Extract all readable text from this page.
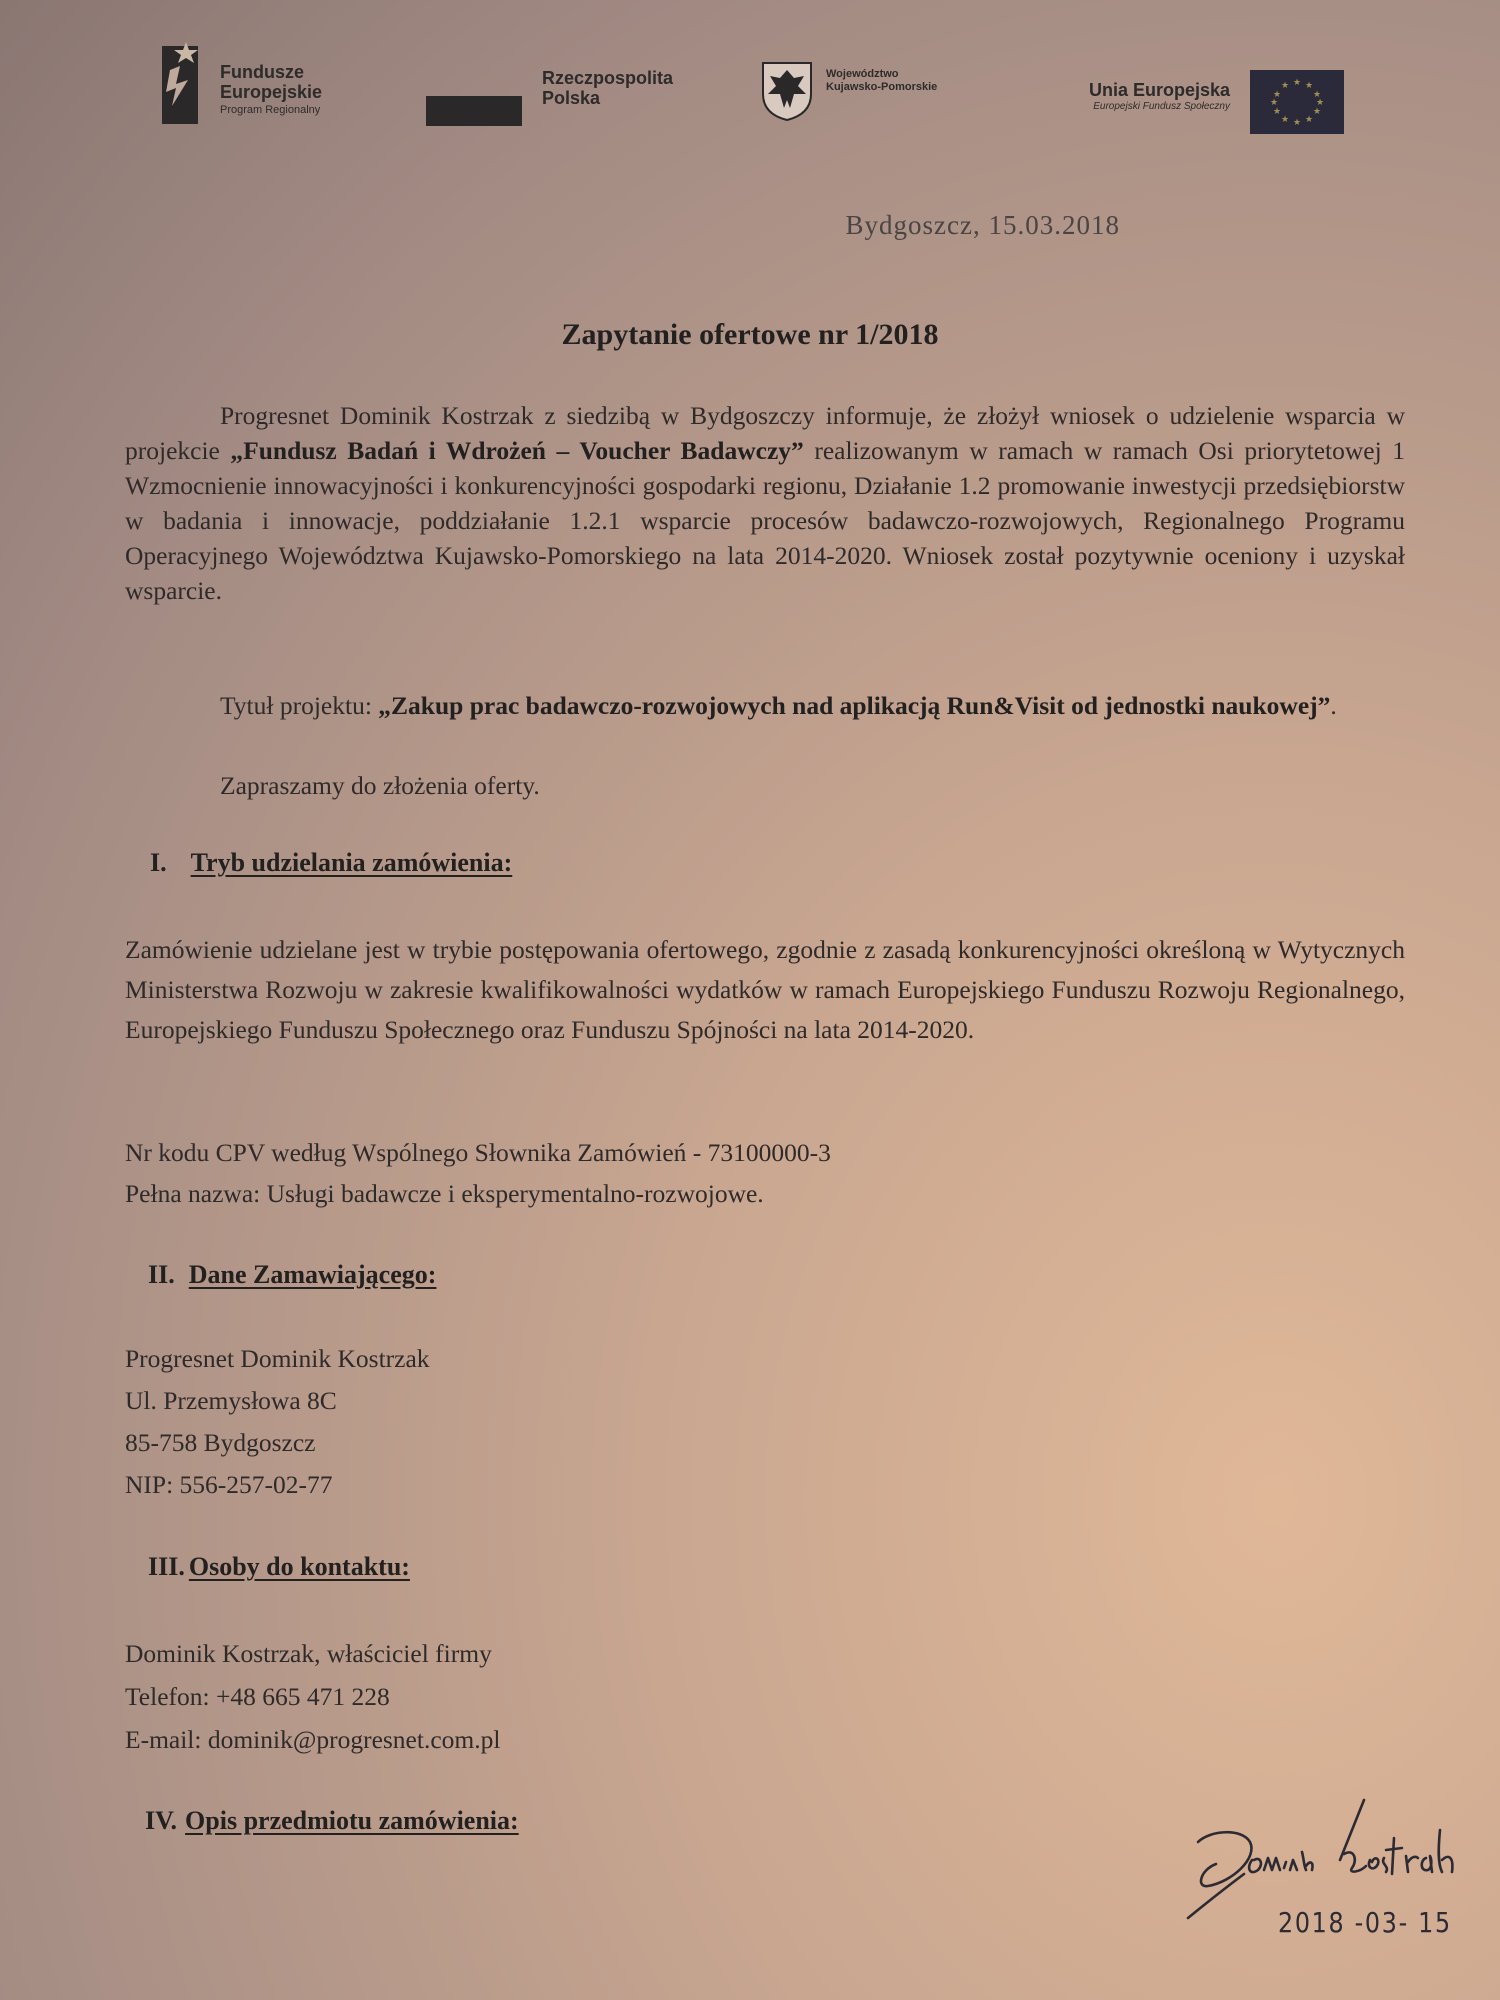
Fundusze
Europejskie
Program Regionalny
Rzeczpospolita
Polska
Województwo
Kujawsko-Pomorskie	Unia Europejska
Europejski Fundusz Społeczny
★ ★
★
★
★
★
★
★
★
★
★
★
Bydgoszcz, 15.03.2018
Zapytanie ofertowe nr 1/2018
Progresnet Dominik Kostrzak z siedzibą w Bydgoszczy informuje, że złożył wniosek o udzielenie wsparcia w projekcie „Fundusz Badań i Wdrożeń – Voucher Badawczy” realizowanym w ramach w ramach Osi priorytetowej 1 Wzmocnienie innowacyjności i konkurencyjności gospodarki regionu, Działanie 1.2 promowanie inwestycji przedsiębiorstw w badania i innowacje, poddziałanie 1.2.1 wsparcie procesów badawczo-rozwojowych, Regionalnego Programu Operacyjnego Województwa Kujawsko-Pomorskiego na lata 2014-2020. Wniosek został pozytywnie oceniony i uzyskał wsparcie.
Tytuł projektu: „Zakup prac badawczo-rozwojowych nad aplikacją Run&Visit od jednostki naukowej”.
Zapraszamy do złożenia oferty.
I. Tryb udzielania zamówienia:
Zamówienie udzielane jest w trybie postępowania ofertowego, zgodnie z zasadą konkurencyjności określoną w Wytycznych Ministerstwa Rozwoju w zakresie kwalifikowalności wydatków w ramach Europejskiego Funduszu Rozwoju Regionalnego, Europejskiego Funduszu Społecznego oraz Funduszu Spójności na lata 2014-2020.
Nr kodu CPV według Wspólnego Słownika Zamówień - 73100000-3
Pełna nazwa: Usługi badawcze i eksperymentalno-rozwojowe.
II. Dane Zamawiającego:
Progresnet Dominik Kostrzak
Ul. Przemysłowa 8C
85-758 Bydgoszcz
NIP: 556-257-02-77
III. Osoby do kontaktu:
Dominik Kostrzak, właściciel firmy
Telefon: +48 665 471 228
E-mail: dominik@progresnet.com.pl
IV. Opis przedmiotu zamówienia:
2018 -03- 15
